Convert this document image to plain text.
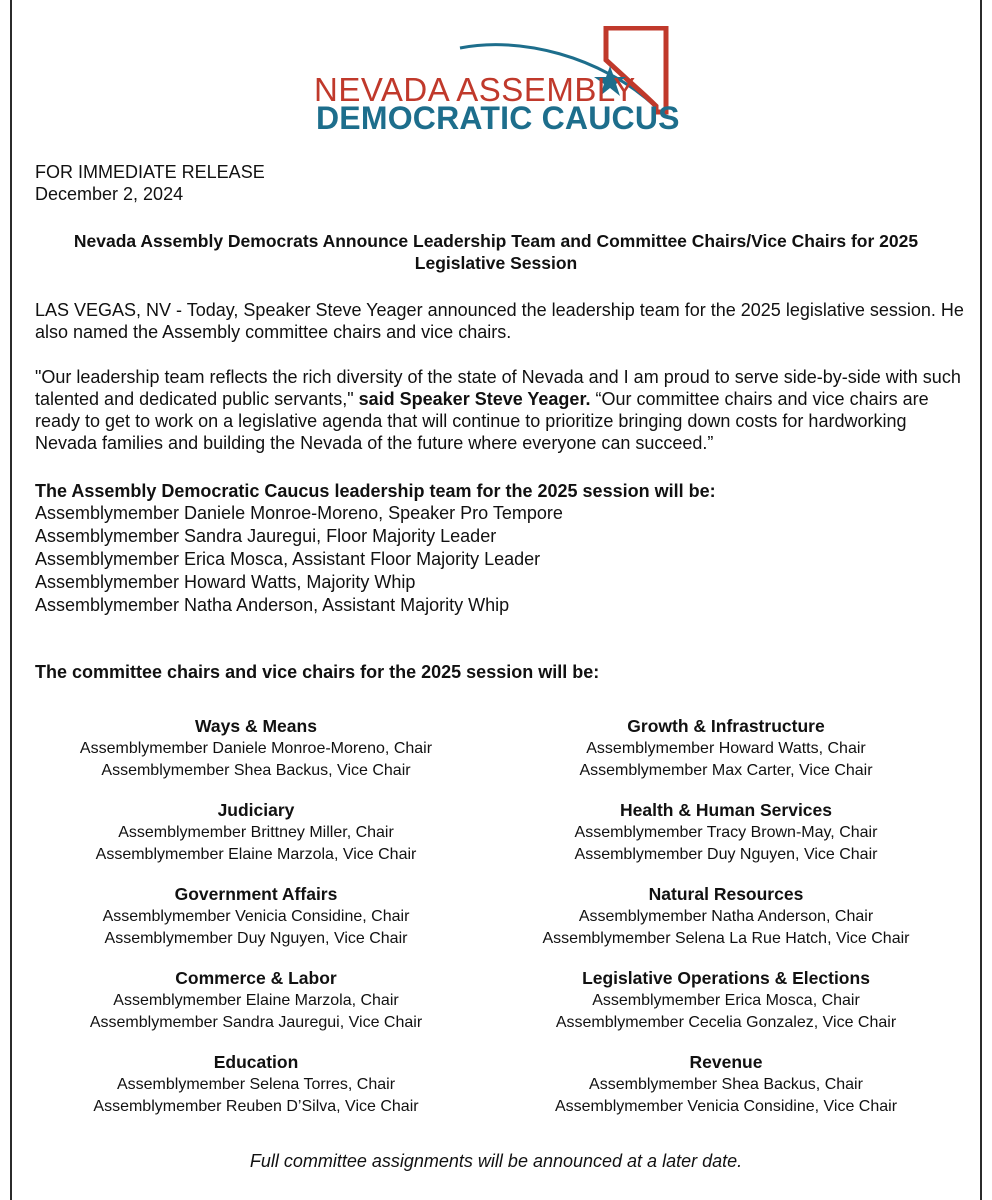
NEVADA ASSEMBLY
DEMOCRATIC CAUCUS
FOR IMMEDIATE RELEASE
December 2, 2024
Nevada Assembly Democrats Announce Leadership Team and Committee Chairs/Vice Chairs for 2025 Legislative Session
LAS VEGAS, NV - Today, Speaker Steve Yeager announced the leadership team for the 2025 legislative session. He also named the Assembly committee chairs and vice chairs.
"Our leadership team reflects the rich diversity of the state of Nevada and I am proud to serve side-by-side with such talented and dedicated public servants," said Speaker Steve Yeager. “Our committee chairs and vice chairs are ready to get to work on a legislative agenda that will continue to prioritize bringing down costs for hardworking Nevada families and building the Nevada of the future where everyone can succeed.”
The Assembly Democratic Caucus leadership team for the 2025 session will be:
Assemblymember Daniele Monroe-Moreno, Speaker Pro Tempore
Assemblymember Sandra Jauregui, Floor Majority Leader
Assemblymember Erica Mosca, Assistant Floor Majority Leader
Assemblymember Howard Watts, Majority Whip
Assemblymember Natha Anderson, Assistant Majority Whip
The committee chairs and vice chairs for the 2025 session will be:
Ways & Means
Assemblymember Daniele Monroe-Moreno, Chair
Assemblymember Shea Backus, Vice Chair
Judiciary
Assemblymember Brittney Miller, Chair
Assemblymember Elaine Marzola, Vice Chair
Government Affairs
Assemblymember Venicia Considine, Chair
Assemblymember Duy Nguyen, Vice Chair
Commerce & Labor
Assemblymember Elaine Marzola, Chair
Assemblymember Sandra Jauregui, Vice Chair
Education
Assemblymember Selena Torres, Chair
Assemblymember Reuben D’Silva, Vice Chair
Growth & Infrastructure
Assemblymember Howard Watts, Chair
Assemblymember Max Carter, Vice Chair
Health & Human Services
Assemblymember Tracy Brown-May, Chair
Assemblymember Duy Nguyen, Vice Chair
Natural Resources
Assemblymember Natha Anderson, Chair
Assemblymember Selena La Rue Hatch, Vice Chair
Legislative Operations & Elections
Assemblymember Erica Mosca, Chair
Assemblymember Cecelia Gonzalez, Vice Chair
Revenue
Assemblymember Shea Backus, Chair
Assemblymember Venicia Considine, Vice Chair
Full committee assignments will be announced at a later date.
